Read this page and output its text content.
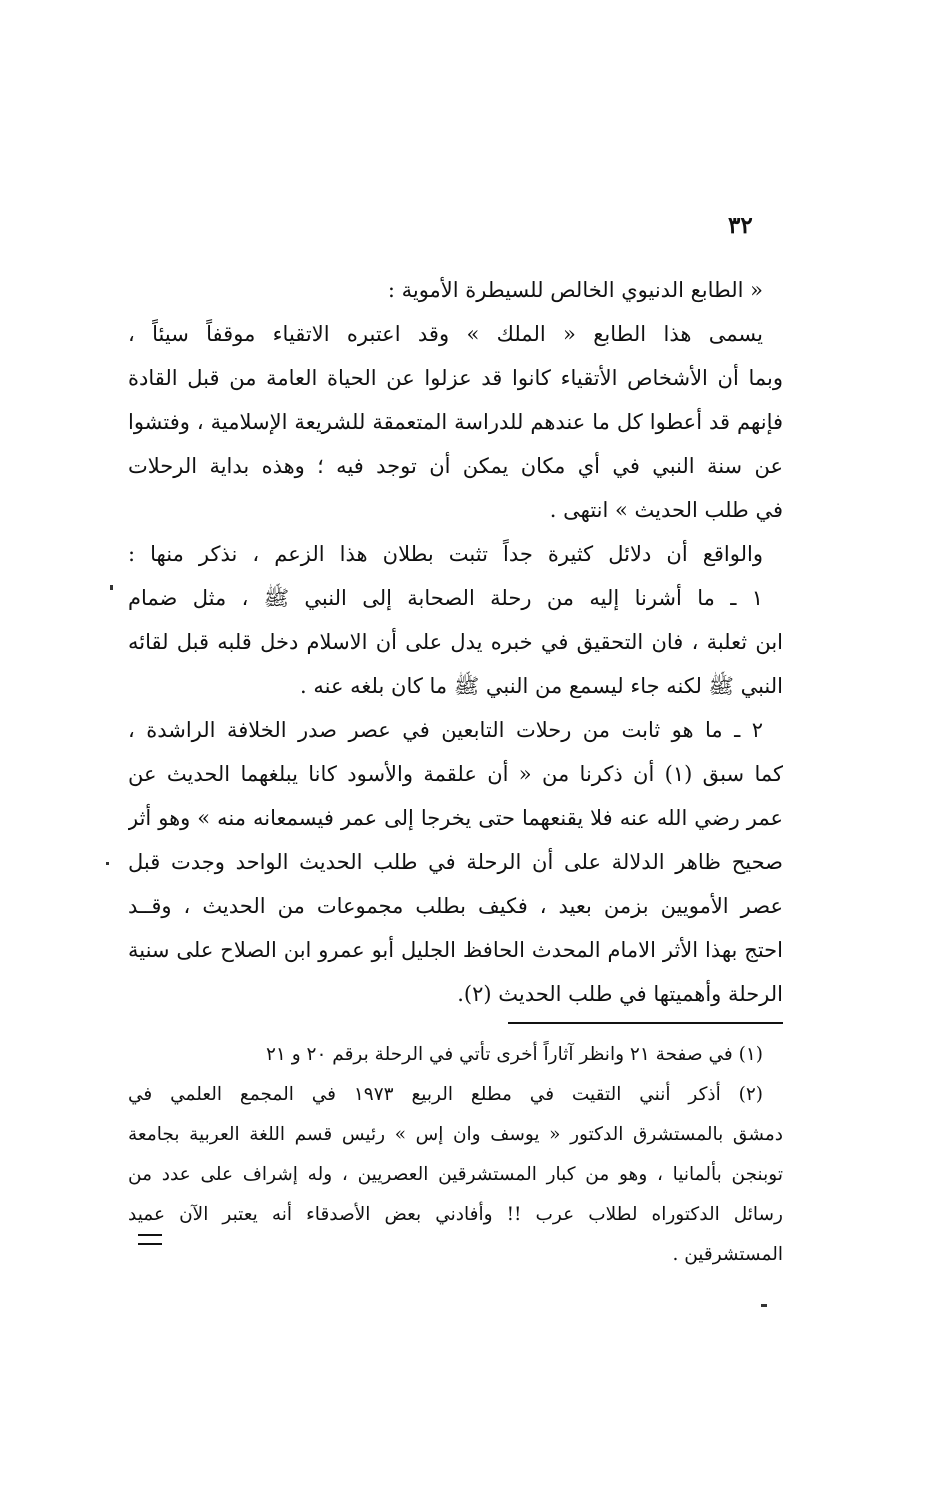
٣٢
« الطابع الدنيوي الخالص للسيطرة الأموية :
يسمى هذا الطابع « الملك » وقد اعتبره الاتقياء موقفاً سيئاً ،
وبما أن الأشخاص الأتقياء كانوا قد عزلوا عن الحياة العامة من قبل القادة
فإنهم قد أعطوا كل ما عندهم للدراسة المتعمقة للشريعة الإسلامية ، وفتشوا
عن سنة النبي في أي مكان يمكن أن توجد فيه ؛ وهذه بداية الرحلات
في طلب الحديث » انتهى .
والواقع أن دلائل كثيرة جداً تثبت بطلان هذا الزعم ، نذكر منها :
١ ـ ما أشرنا إليه من رحلة الصحابة إلى النبي ﷺ ، مثل ضمام
ابن ثعلبة ، فان التحقيق في خبره يدل على أن الاسلام دخل قلبه قبل لقائه
النبي ﷺ لكنه جاء ليسمع من النبي ﷺ ما كان بلغه عنه .
٢ ـ ما هو ثابت من رحلات التابعين في عصر صدر الخلافة الراشدة ،
كما سبق (١) أن ذكرنا من « أن علقمة والأسود كانا يبلغهما الحديث عن
عمر رضي الله عنه فلا يقنعهما حتى يخرجا إلى عمر فيسمعانه منه » وهو أثر
صحيح ظاهر الدلالة على أن الرحلة في طلب الحديث الواحد وجدت قبل
عصر الأمويين بزمن بعيد ، فكيف بطلب مجموعات من الحديث ، وقــد
احتج بهذا الأثر الامام المحدث الحافظ الجليل أبو عمرو ابن الصلاح على سنية
الرحلة وأهميتها في طلب الحديث (٢).
(١) في صفحة ٢١ وانظر آثاراً أخرى تأتي في الرحلة برقم ٢٠ و ٢١
(٢) أذكر أنني التقيت في مطلع الربيع ١٩٧٣ في المجمع العلمي في
دمشق بالمستشرق الدكتور « يوسف وان إس » رئيس قسم اللغة العربية بجامعة
توبنجن بألمانيا ، وهو من كبار المستشرقين العصريين ، وله إشراف على عدد من
رسائل الدكتوراه لطلاب عرب !! وأفادني بعض الأصدقاء أنه يعتبر الآن عميد
المستشرقين .
